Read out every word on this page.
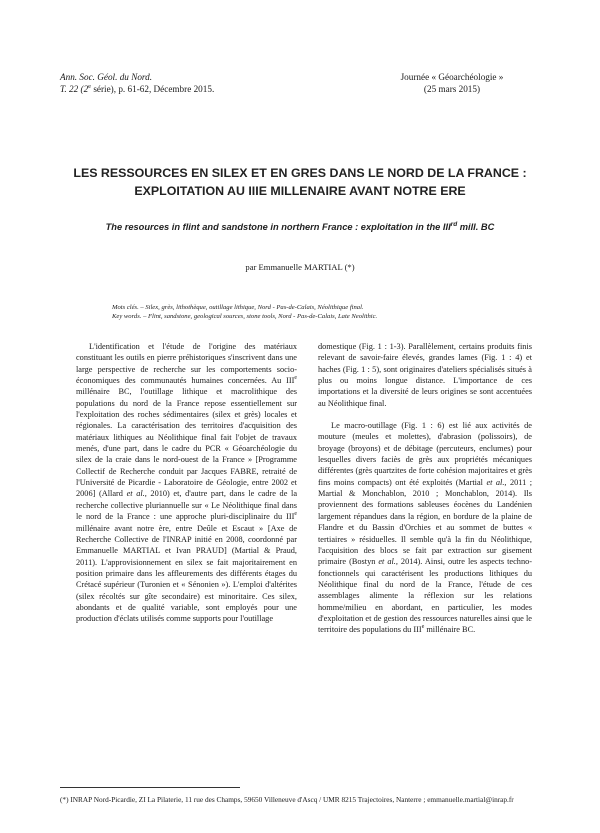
Ann. Soc. Géol. du Nord.
T. 22 (2e série), p. 61-62, Décembre 2015.
Journée « Géoarchéologie »
(25 mars 2015)
LES RESSOURCES EN SILEX ET EN GRES DANS LE NORD DE LA FRANCE :
EXPLOITATION AU IIIE MILLENAIRE AVANT NOTRE ERE
The resources in flint and sandstone in northern France : exploitation in the IIIrd mill. BC
par Emmanuelle MARTIAL (*)
Mots clés. – Silex, grès, lithothèque, outillage lithique, Nord - Pas-de-Calais, Néolithique final.
Key words. – Flint, sandstone, geological sources, stone tools, Nord - Pas-de-Calais, Late Neolithic.

L'identification et l'étude de l'origine des matériaux constituant les outils en pierre préhistoriques s'inscrivent dans une large perspective de recherche sur les comportements socio-économiques des communautés humaines concernées. Au IIIe millénaire BC, l'outillage lithique et macrolithique des populations du nord de la France repose essentiellement sur l'exploitation des roches sédimentaires (silex et grès) locales et régionales. La caractérisation des territoires d'acquisition des matériaux lithiques au Néolithique final fait l'objet de travaux menés, d'une part, dans le cadre du PCR « Géoarchéologie du silex de la craie dans le nord-ouest de la France » [Programme Collectif de Recherche conduit par Jacques FABRE, retraité de l'Université de Picardie - Laboratoire de Géologie, entre 2002 et 2006] (Allard et al., 2010) et, d'autre part, dans le cadre de la recherche collective pluriannuelle sur « Le Néolithique final dans le nord de la France : une approche pluri-disciplinaire du IIIe millénaire avant notre ère, entre Deûle et Escaut » [Axe de Recherche Collective de l'INRAP initié en 2008, coordonné par Emmanuelle MARTIAL et Ivan PRAUD] (Martial & Praud, 2011). L'approvisionnement en silex se fait majoritairement en position primaire dans les affleurements des différents étages du Crétacé supérieur (Turonien et « Sénonien »). L'emploi d'altérites (silex récoltés sur gîte secondaire) est minoritaire. Ces silex, abondants et de qualité variable, sont employés pour une production d'éclats utilisés comme supports pour l'outillage

domestique (Fig. 1 : 1-3). Parallèlement, certains produits finis relevant de savoir-faire élevés, grandes lames (Fig. 1 : 4) et haches (Fig. 1 : 5), sont originaires d'ateliers spécialisés situés à plus ou moins longue distance. L'importance de ces importations et la diversité de leurs origines se sont accentuées au Néolithique final.

Le macro-outillage (Fig. 1 : 6) est lié aux activités de mouture (meules et molettes), d'abrasion (polissoirs), de broyage (broyons) et de débitage (percuteurs, enclumes) pour lesquelles divers faciès de grès aux propriétés mécaniques différentes (grès quartzites de forte cohésion majoritaires et grès fins moins compacts) ont été exploités (Martial et al., 2011 ; Martial & Monchablon, 2010 ; Monchablon, 2014). Ils proviennent des formations sableuses éocènes du Landénien largement répandues dans la région, en bordure de la plaine de Flandre et du Bassin d'Orchies et au sommet de buttes « tertiaires » résiduelles. Il semble qu'à la fin du Néolithique, l'acquisition des blocs se fait par extraction sur gisement primaire (Bostyn et al., 2014). Ainsi, outre les aspects techno-fonctionnels qui caractérisent les productions lithiques du Néolithique final du nord de la France, l'étude de ces assemblages alimente la réflexion sur les relations homme/milieu en abordant, en particulier, les modes d'exploitation et de gestion des ressources naturelles ainsi que le territoire des populations du IIIe millénaire BC.

(*) INRAP Nord-Picardie, ZI La Pilaterie, 11 rue des Champs, 59650 Villeneuve d'Ascq / UMR 8215 Trajectoires, Nanterre ; emmanuelle.martial@inrap.fr
